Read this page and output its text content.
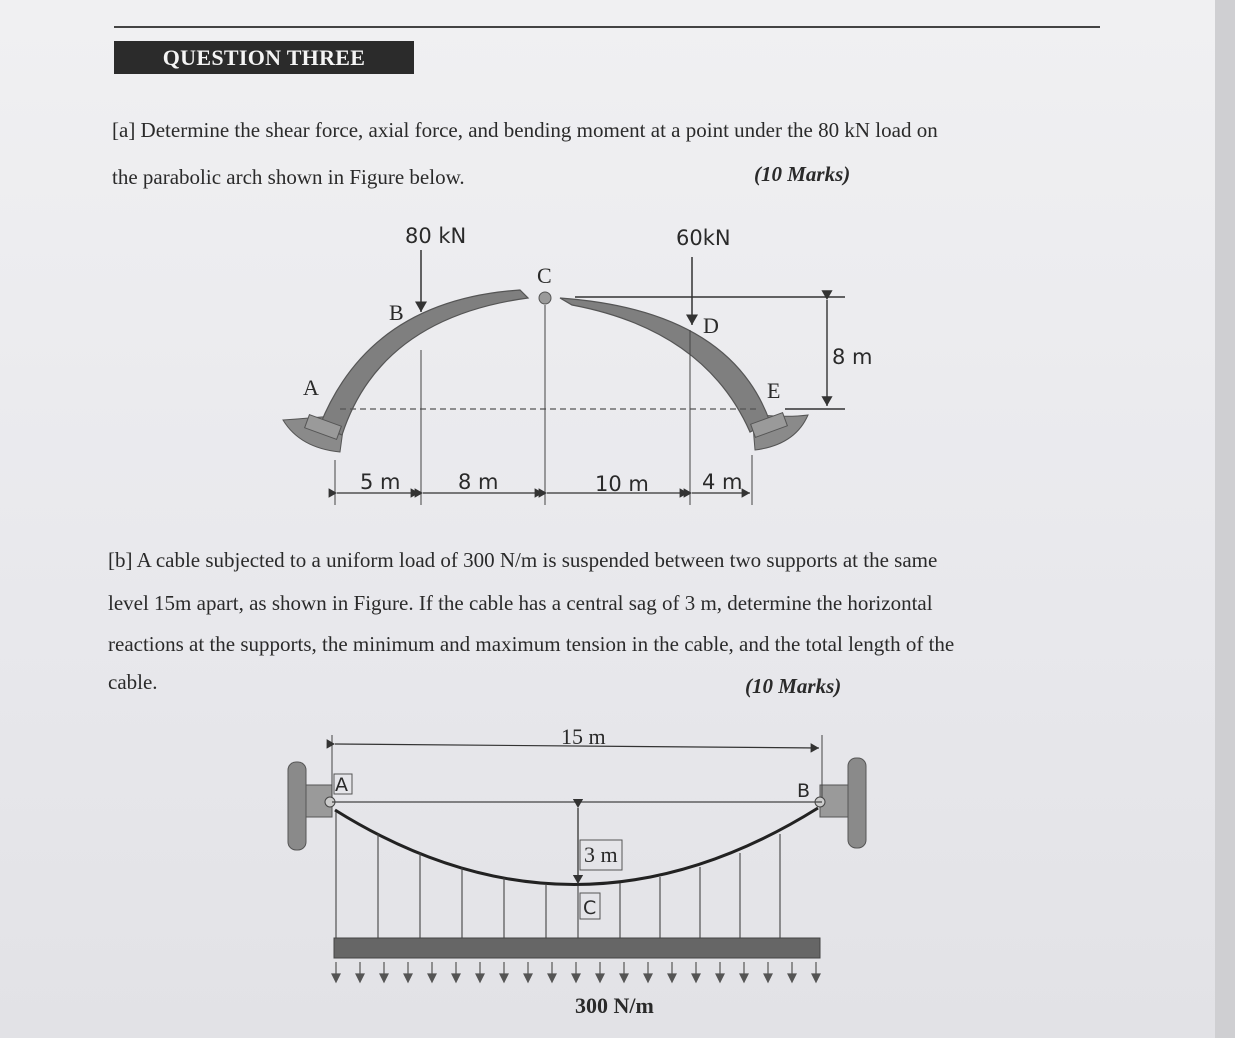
QUESTION THREE
[a] Determine the shear force, axial force, and bending moment at a point under the 80 kN load on
the parabolic arch shown in Figure below.	(10 Marks)
80 kN	60kN
A
B
C
D
E
8 m
5 m	8 m	10 m	4 m
[b] A cable subjected to a uniform load of 300 N/m is suspended between two supports at the same
level 15m apart, as shown in Figure. If the cable has a central sag of 3 m, determine the horizontal
reactions at the supports, the minimum and maximum tension in the cable, and the total length of the
cable.	(10 Marks)
15 m
3 m
A	B
C
300 N/m
